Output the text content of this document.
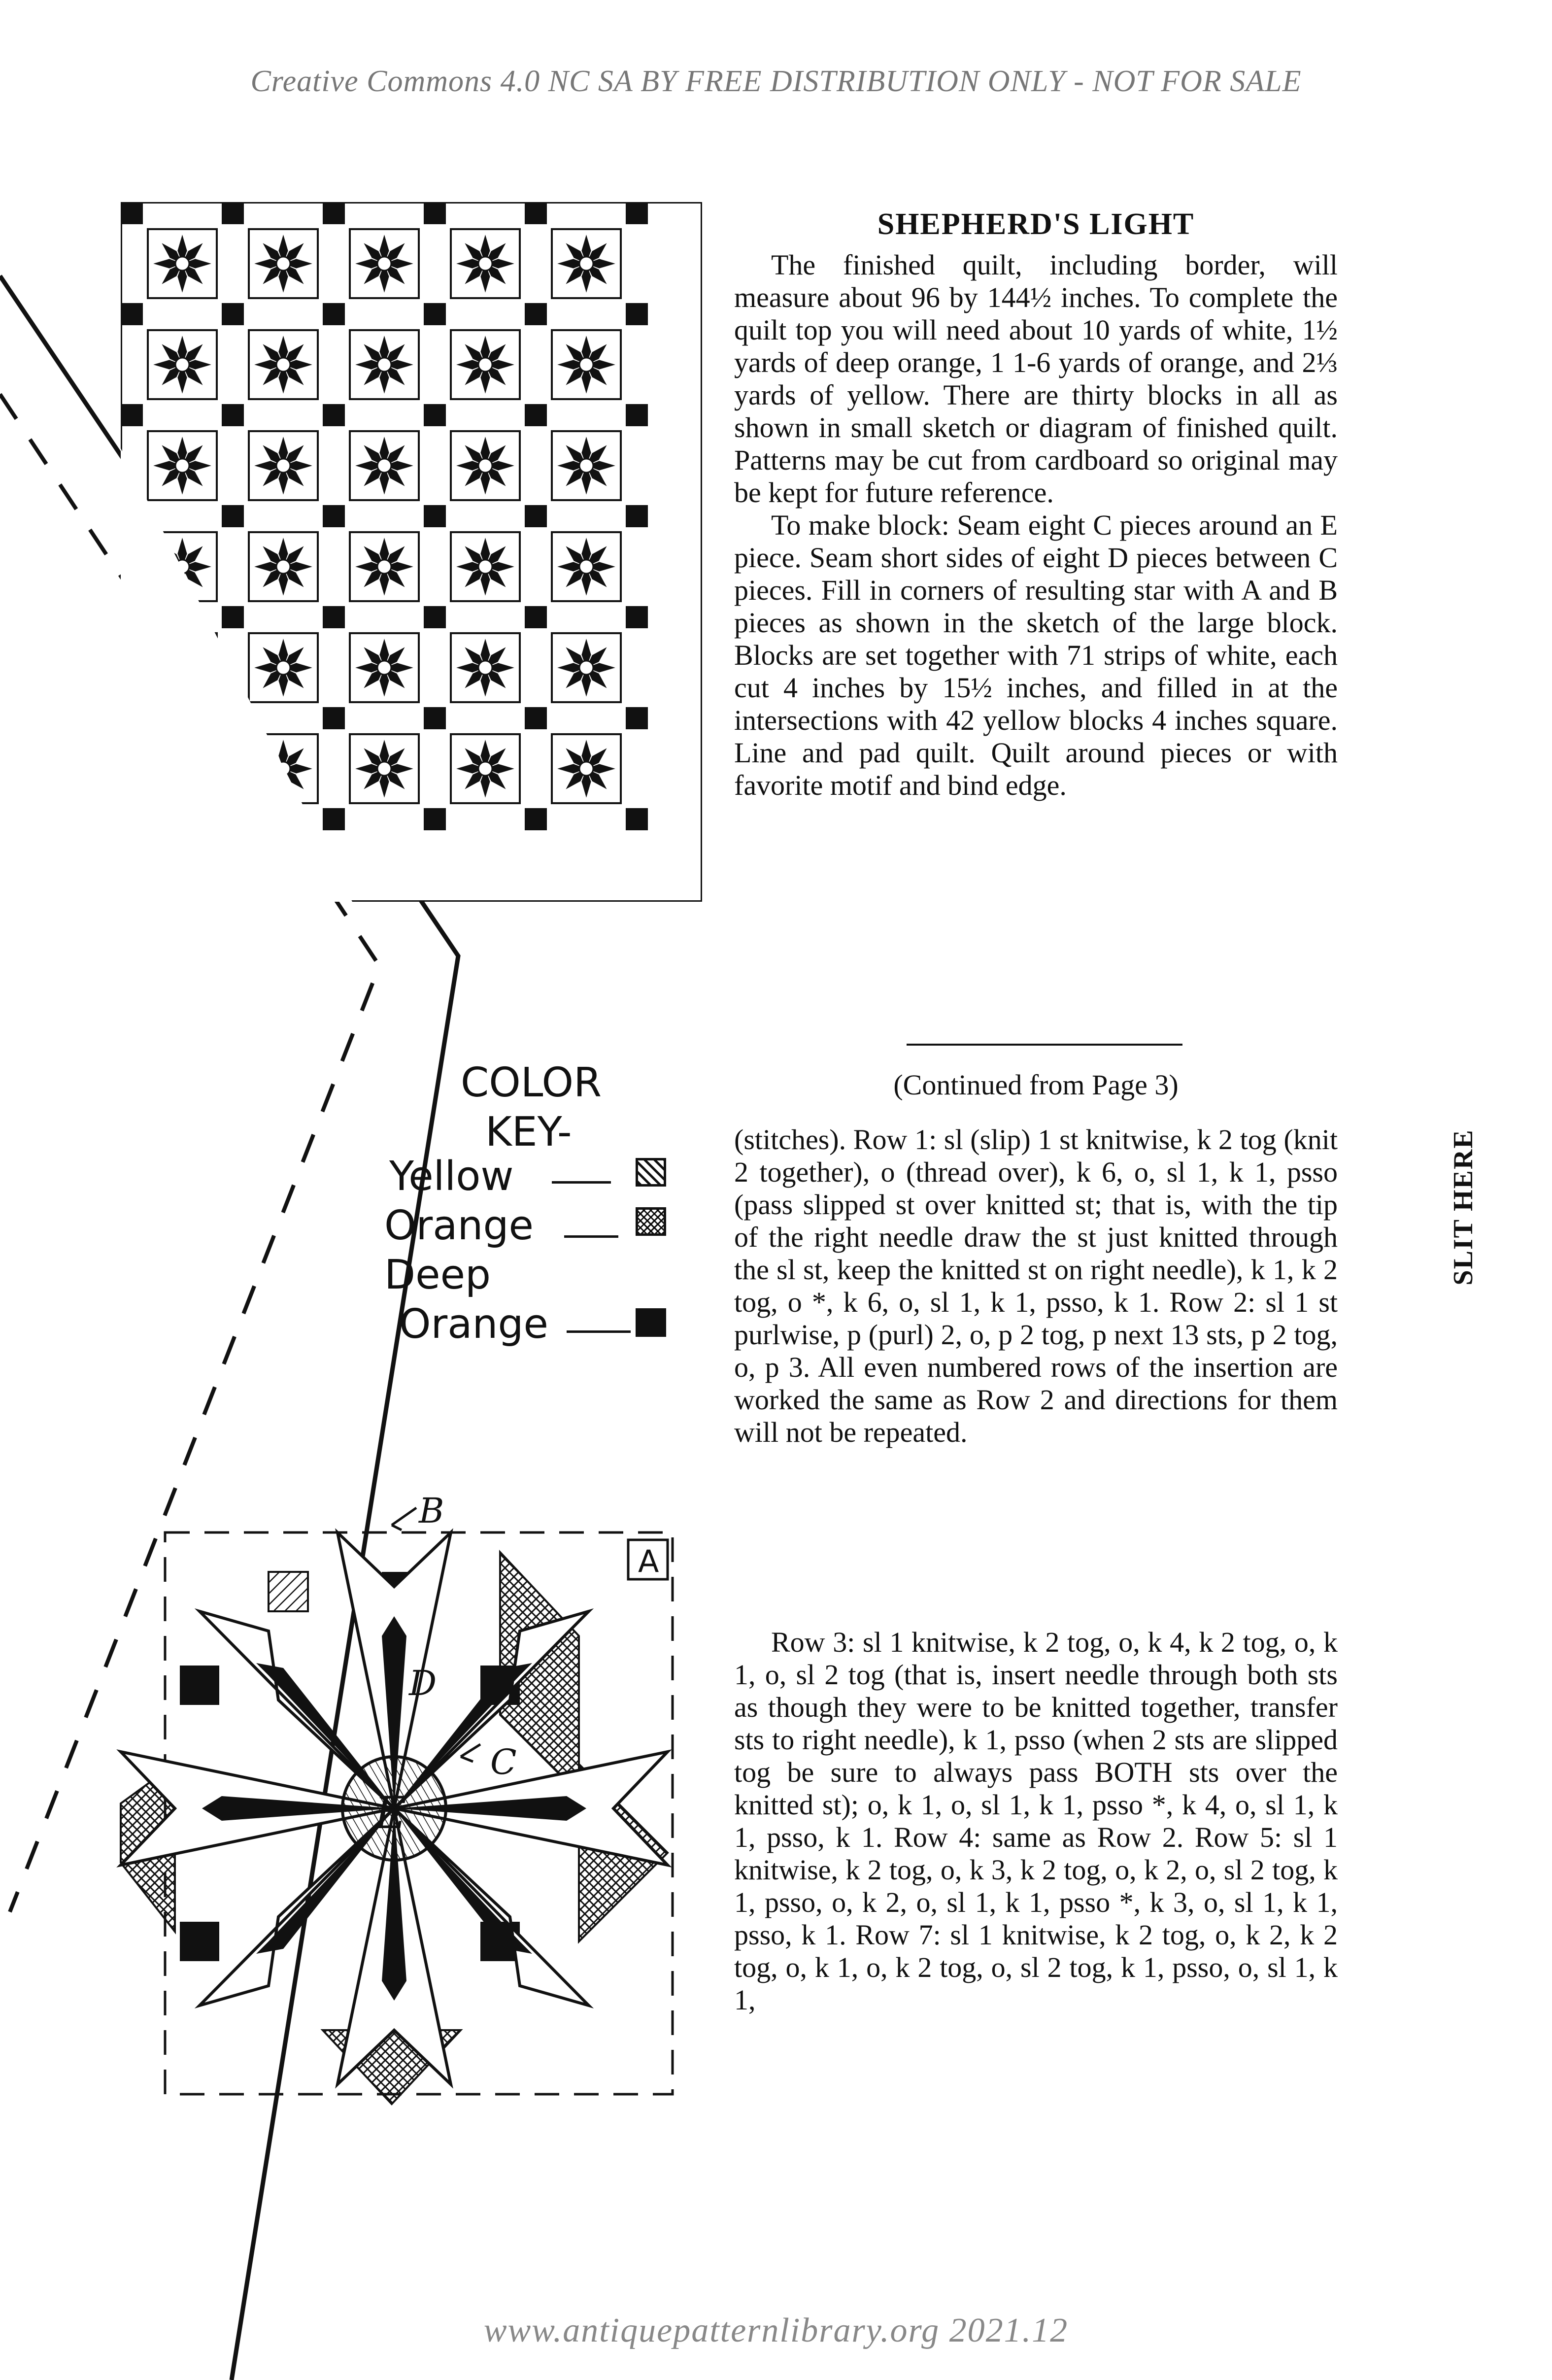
Creative Commons 4.0 NC SA BY FREE DISTRIBUTION ONLY - NOT FOR SALE
SHEPHERD'S LIGHT

The finished quilt, including border, will measure about 96 by 144½ inches. To complete the quilt top you will need about 10 yards of white, 1½ yards of deep orange, 1 1-6 yards of orange, and 2⅓ yards of yellow. There are thirty blocks in all as shown in small sketch or diagram of finished quilt. Patterns may be cut from cardboard so original may be kept for future reference.

To make block: Seam eight C pieces around an E piece. Seam short sides of eight D pieces between C pieces. Fill in corners of resulting star with A and B pieces as shown in the sketch of the large block. Blocks are set together with 71 strips of white, each cut 4 inches by 15½ inches, and filled in at the intersections with 42 yellow blocks 4 inches square. Line and pad quilt. Quilt around pieces or with favorite motif and bind edge.

(Continued from Page 3)

(stitches). Row 1: sl (slip) 1 st knitwise, k 2 tog (knit 2 together), o (thread over), k 6, o, sl 1, k 1, psso (pass slipped st over knitted st; that is, with the tip of the right needle draw the st just knitted through the sl st, keep the knitted st on right needle), k 1, k 2 tog, o *, k 6, o, sl 1, k 1, psso, k 1. Row 2: sl 1 st purlwise, p (purl) 2, o, p 2 tog, p next 13 sts, p 2 tog, o, p 3. All even numbered rows of the insertion are worked the same as Row 2 and directions for them will not be repeated.

Row 3: sl 1 knitwise, k 2 tog, o, k 4, k 2 tog, o, k 1, o, sl 2 tog (that is, insert needle through both sts as though they were to be knitted together, transfer sts to right needle), k 1, psso (when 2 sts are slipped tog be sure to always pass BOTH sts over the knitted st); o, k 1, o, sl 1, k 1, psso *, k 4, o, sl 1, k 1, psso, k 1. Row 4: same as Row 2. Row 5: sl 1 knitwise, k 2 tog, o, k 3, k 2 tog, o, k 2, o, sl 2 tog, k 1, psso, o, k 2, o, sl 1, k 1, psso *, k 3, o, sl 1, k 1, psso, k 1. Row 7: sl 1 knitwise, k 2 tog, o, k 2, k 2 tog, o, k 1, o, k 2 tog, o, sl 2 tog, k 1, psso, o, sl 1, k 1,

COLOR
KEY-
Yellow
Orange
Deep
Orange
E
D
C
B
A
SLIT HERE
www.antiquepatternlibrary.org 2021.12
